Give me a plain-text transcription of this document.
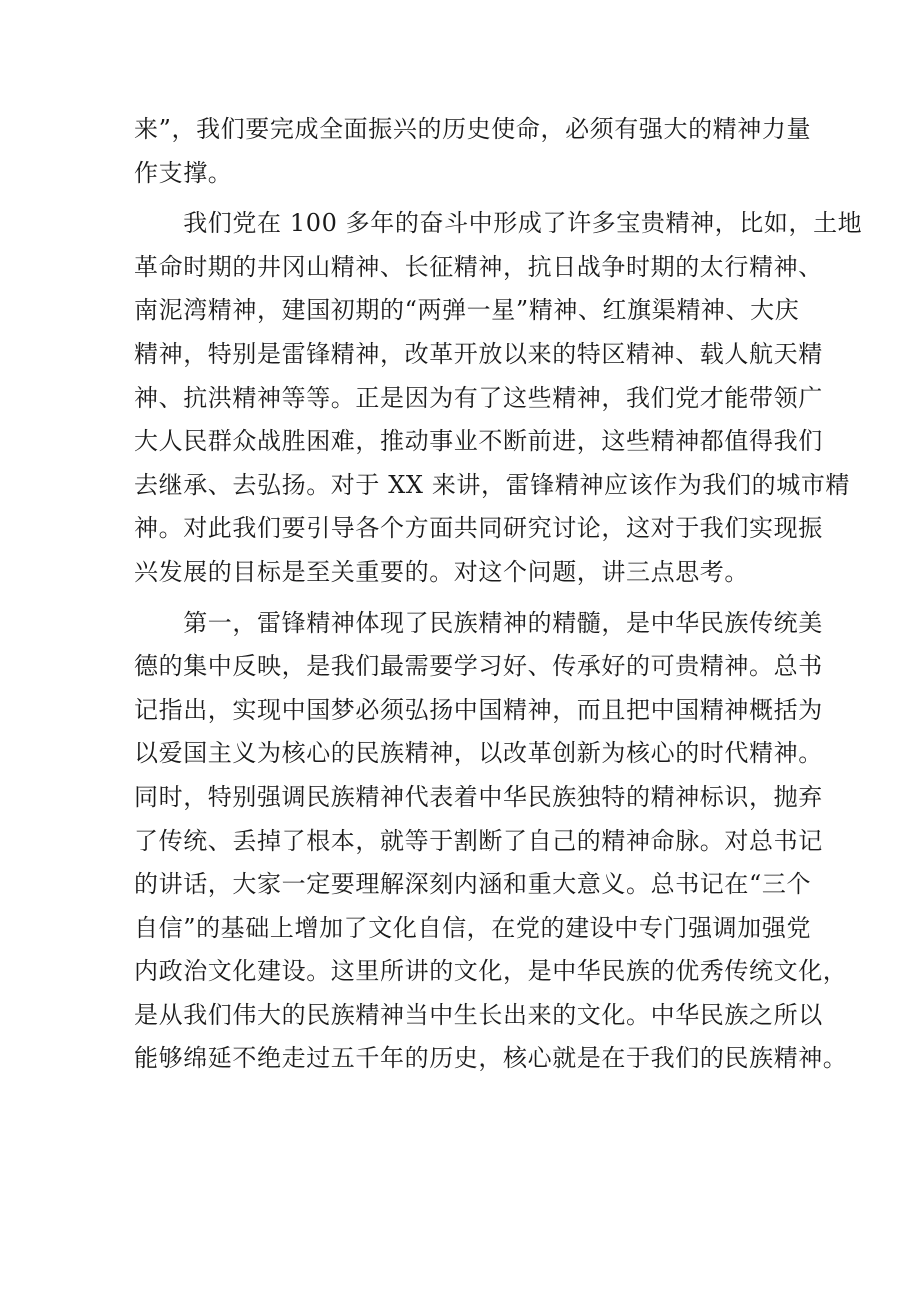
来”，我们要完成全面振兴的历史使命，必须有强大的精神力量
作支撑。
　　我们党在 100 多年的奋斗中形成了许多宝贵精神，比如，土地
革命时期的井冈山精神、长征精神，抗日战争时期的太行精神、
南泥湾精神，建国初期的“两弹一星”精神、红旗渠精神、大庆
精神，特别是雷锋精神，改革开放以来的特区精神、载人航天精
神、抗洪精神等等。正是因为有了这些精神，我们党才能带领广
大人民群众战胜困难，推动事业不断前进，这些精神都值得我们
去继承、去弘扬。对于 XX 来讲，雷锋精神应该作为我们的城市精
神。对此我们要引导各个方面共同研究讨论，这对于我们实现振
兴发展的目标是至关重要的。对这个问题，讲三点思考。
　　第一，雷锋精神体现了民族精神的精髓，是中华民族传统美
德的集中反映，是我们最需要学习好、传承好的可贵精神。总书
记指出，实现中国梦必须弘扬中国精神，而且把中国精神概括为
以爱国主义为核心的民族精神，以改革创新为核心的时代精神。
同时，特别强调民族精神代表着中华民族独特的精神标识，抛弃
了传统、丢掉了根本，就等于割断了自己的精神命脉。对总书记
的讲话，大家一定要理解深刻内涵和重大意义。总书记在“三个
自信”的基础上增加了文化自信，在党的建设中专门强调加强党
内政治文化建设。这里所讲的文化，是中华民族的优秀传统文化，
是从我们伟大的民族精神当中生长出来的文化。中华民族之所以
能够绵延不绝走过五千年的历史，核心就是在于我们的民族精神。
